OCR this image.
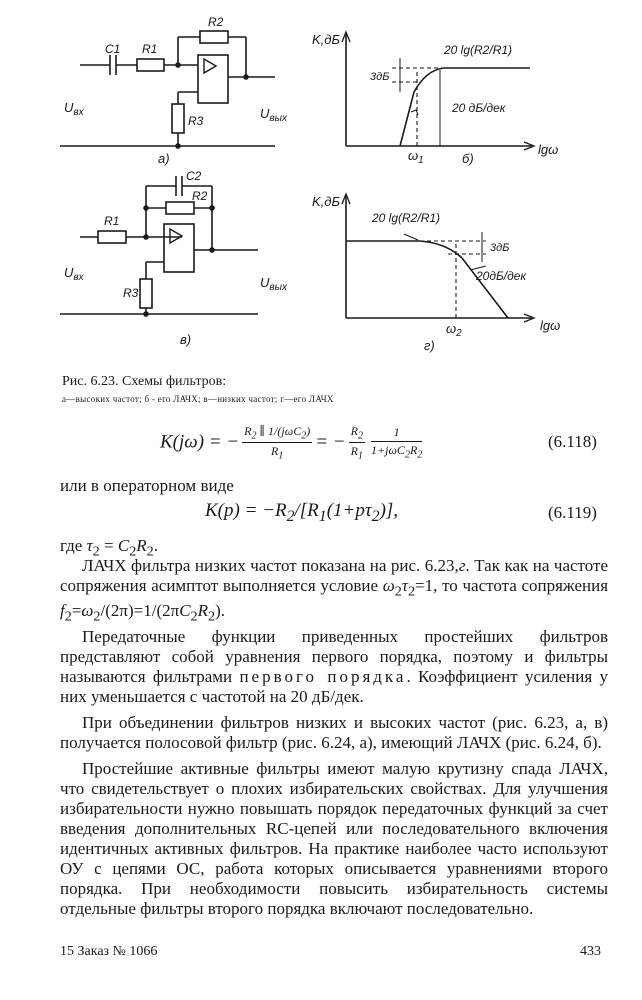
C1 R1
R2
R3
$U_{вх}$	$U_{вых}$
а)
C2
R2
R1
R3
$U_{вх}$	$U_{вых}$
в)
K,дБ
20 lg(R2/R1)
3дБ
20 дБ/дек
$\omega_1$	б)
lgω
K,дБ
20 lg(R2/R1)
3дБ
20дБ/дек
$\omega_2$
г)
lgω
Рис. 6.23. Схемы фильтров:
а—высоких частот; б - его ЛАЧХ; в—низких частот; г—его ЛАЧХ
K(jω) = − $\frac{R_2 \parallel 1/(j\omega C_2)}{R_1}$ = − $\frac{R_2}{R_1} \frac{1}{1+j\omega C_2R_2}$	(6.118)
или в операторном виде
$K(p) = -R_2/[R_1(1+p\tau_2)]$,	(6.119)
где $\tau_2 = C_2R_2$.

ЛАЧХ фильтра низких частот показана на рис. 6.23,г. Так как на частоте сопряжения асимптот выполняется условие $\omega_2\tau_2=1$, то частота сопряжения $f_2=\omega_2/(2\pi)=1/(2\pi C_2R_2)$.

Передаточные функции приведенных простейших фильтров представляют собой уравнения первого порядка, поэтому и фильтры называются фильтрами первого порядка. Коэффициент усиления у них уменьшается с частотой на 20 дБ/дек.

При объединении фильтров низких и высоких частот (рис. 6.23, а, в) получается полосовой фильтр (рис. 6.24, а), имеющий ЛАЧХ (рис. 6.24, б).

Простейшие активные фильтры имеют малую крутизну спада ЛАЧХ, что свидетельствует о плохих избирательских свойствах. Для улучшения избирательности нужно повышать порядок передаточных функций за счет введения дополнительных RC-цепей или последовательного включения идентичных активных фильтров. На практике наиболее часто используют ОУ с цепями ОС, работа которых описывается уравнениями второго порядка. При необходимости повысить избирательность системы отдельные фильтры второго порядка включают последовательно.

15 Заказ № 1066	433
